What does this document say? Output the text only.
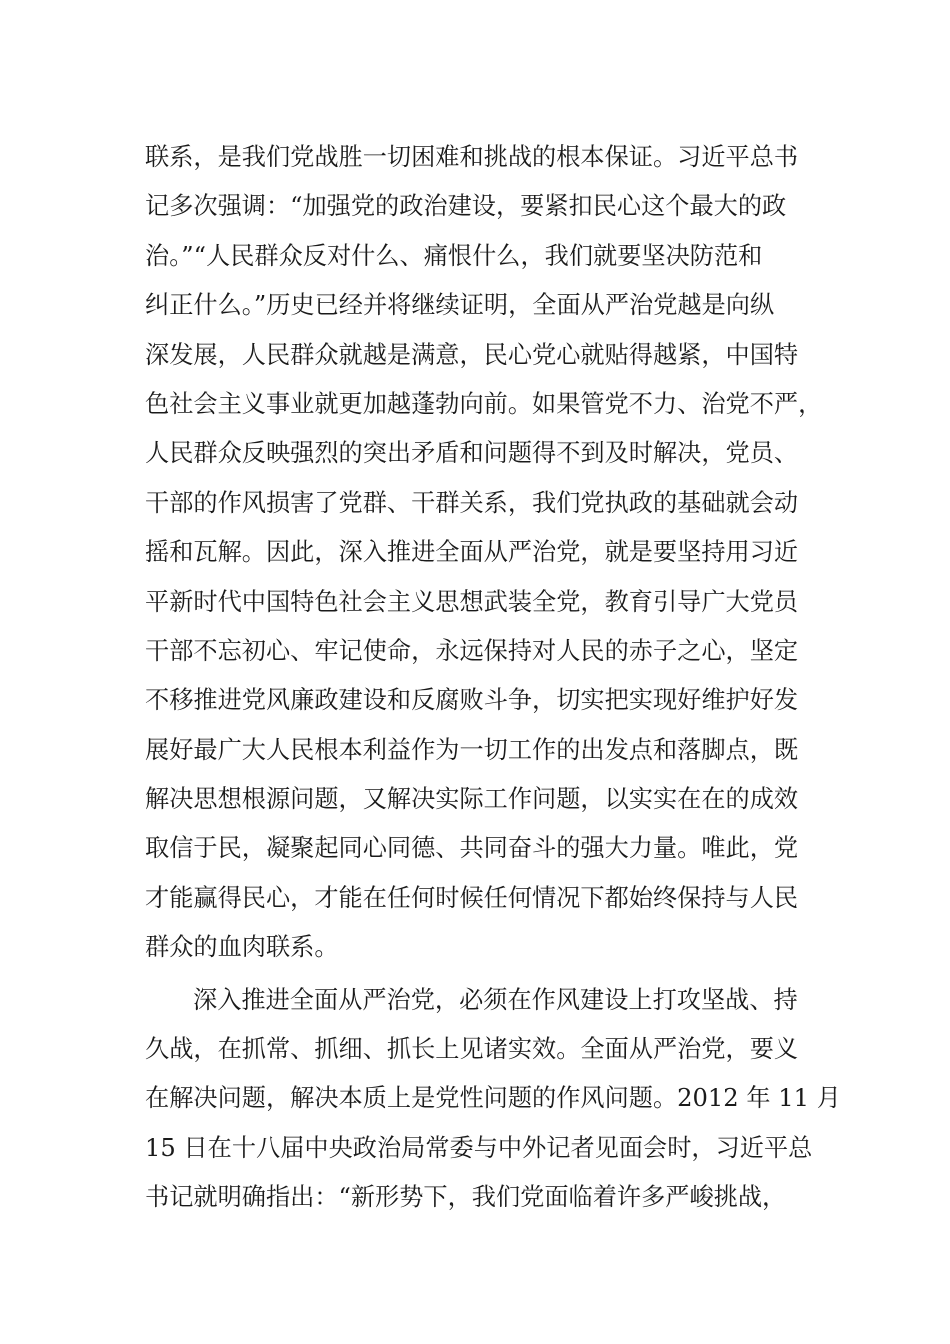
联系，是我们党战胜一切困难和挑战的根本保证。习近平总书
记多次强调：“加强党的政治建设，要紧扣民心这个最大的政
治。”“人民群众反对什么、痛恨什么，我们就要坚决防范和
纠正什么。”历史已经并将继续证明，全面从严治党越是向纵
深发展，人民群众就越是满意，民心党心就贴得越紧，中国特
色社会主义事业就更加越蓬勃向前。如果管党不力、治党不严，
人民群众反映强烈的突出矛盾和问题得不到及时解决，党员、
干部的作风损害了党群、干群关系，我们党执政的基础就会动
摇和瓦解。因此，深入推进全面从严治党，就是要坚持用习近
平新时代中国特色社会主义思想武装全党，教育引导广大党员
干部不忘初心、牢记使命，永远保持对人民的赤子之心，坚定
不移推进党风廉政建设和反腐败斗争，切实把实现好维护好发
展好最广大人民根本利益作为一切工作的出发点和落脚点，既
解决思想根源问题，又解决实际工作问题，以实实在在的成效
取信于民，凝聚起同心同德、共同奋斗的强大力量。唯此，党
才能赢得民心，才能在任何时候任何情况下都始终保持与人民
群众的血肉联系。
深入推进全面从严治党，必须在作风建设上打攻坚战、持
久战，在抓常、抓细、抓长上见诸实效。全面从严治党，要义
在解决问题，解决本质上是党性问题的作风问题。2012 年 11 月
15 日在十八届中央政治局常委与中外记者见面会时，习近平总
书记就明确指出：“新形势下，我们党面临着许多严峻挑战，
